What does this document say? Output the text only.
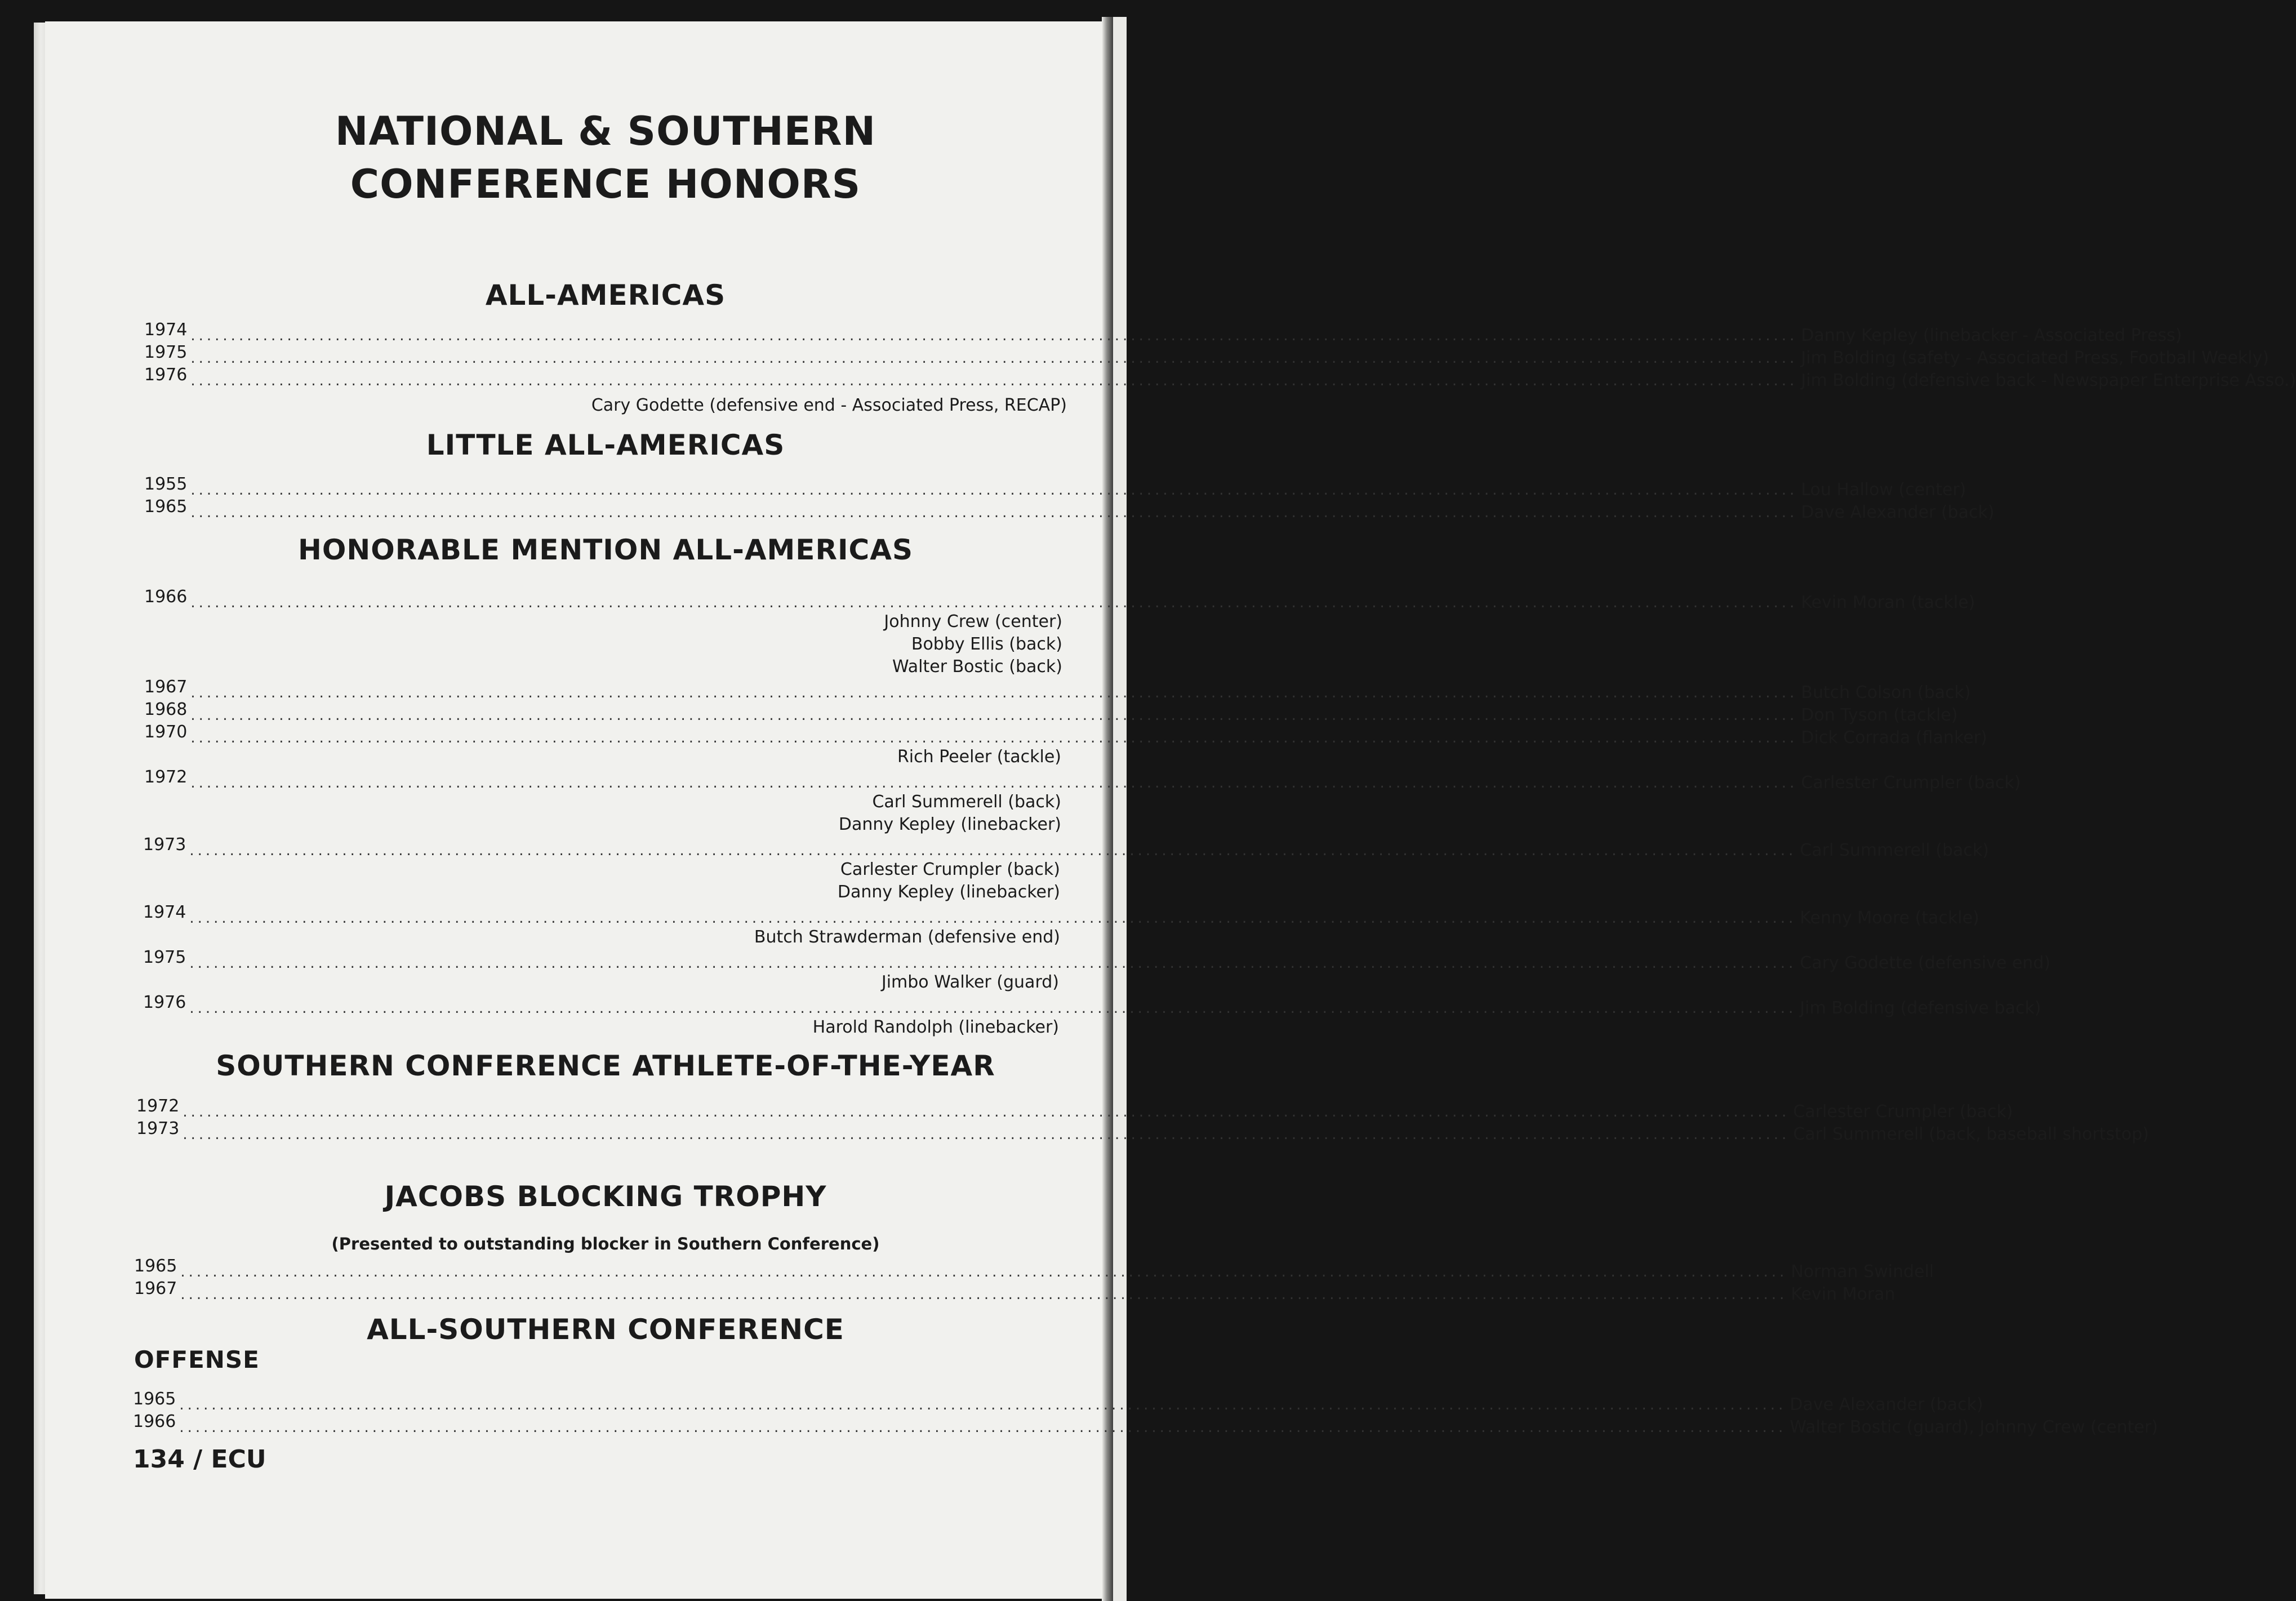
NATIONAL & SOUTHERN
CONFERENCE HONORS
ALL-AMERICAS
1974 ........................................................................................................................................................................................................ Danny Kepley (linebacker - Associated Press)
1975 ........................................................................................................................................................................................................ Jim Bolding (safety - Associated Press, Football Weekly)
1976 ........................................................................................................................................................................................................ Jim Bolding (defensive back - Newspaper Enterprise Asso.)
Cary Godette (defensive end - Associated Press, RECAP)
LITTLE ALL-AMERICAS
1955 ........................................................................................................................................................................................................ Lou Hallow (center)
1965 ........................................................................................................................................................................................................ Dave Alexander (back)
HONORABLE MENTION ALL-AMERICAS
1966 ........................................................................................................................................................................................................ Kevin Moran (tackle)
Johnny Crew (center)
Bobby Ellis (back)
Walter Bostic (back)
1967 ........................................................................................................................................................................................................ Butch Colson (back)
1968 ........................................................................................................................................................................................................ Don Tyson (tackle)
1970 ........................................................................................................................................................................................................ Dick Corrada (flanker)
Rich Peeler (tackle)
1972 ........................................................................................................................................................................................................ Carlester Crumpler (back)
Carl Summerell (back)
Danny Kepley (linebacker)
1973 ........................................................................................................................................................................................................ Carl Summerell (back)
Carlester Crumpler (back)
Danny Kepley (linebacker)
1974 ........................................................................................................................................................................................................ Kenny Moore (tackle)
Butch Strawderman (defensive end)
1975 ........................................................................................................................................................................................................ Cary Godette (defensive end)
Jimbo Walker (guard)
1976 ........................................................................................................................................................................................................ Jim Bolding (defensive back)
Harold Randolph (linebacker)
SOUTHERN CONFERENCE ATHLETE-OF-THE-YEAR
1972 ........................................................................................................................................................................................................ Carlester Crumpler (back)
1973 ........................................................................................................................................................................................................ Carl Summerell (back, baseball shortstop)
JACOBS BLOCKING TROPHY
(Presented to outstanding blocker in Southern Conference)
1965 ........................................................................................................................................................................................................ Norman Swindell
1967 ........................................................................................................................................................................................................ Kevin Moran
ALL-SOUTHERN CONFERENCE
OFFENSE
1965 ........................................................................................................................................................................................................ Dave Alexander (back)
1966 ........................................................................................................................................................................................................ Walter Bostic (guard), Johnny Crew (center)
134 / ECU
